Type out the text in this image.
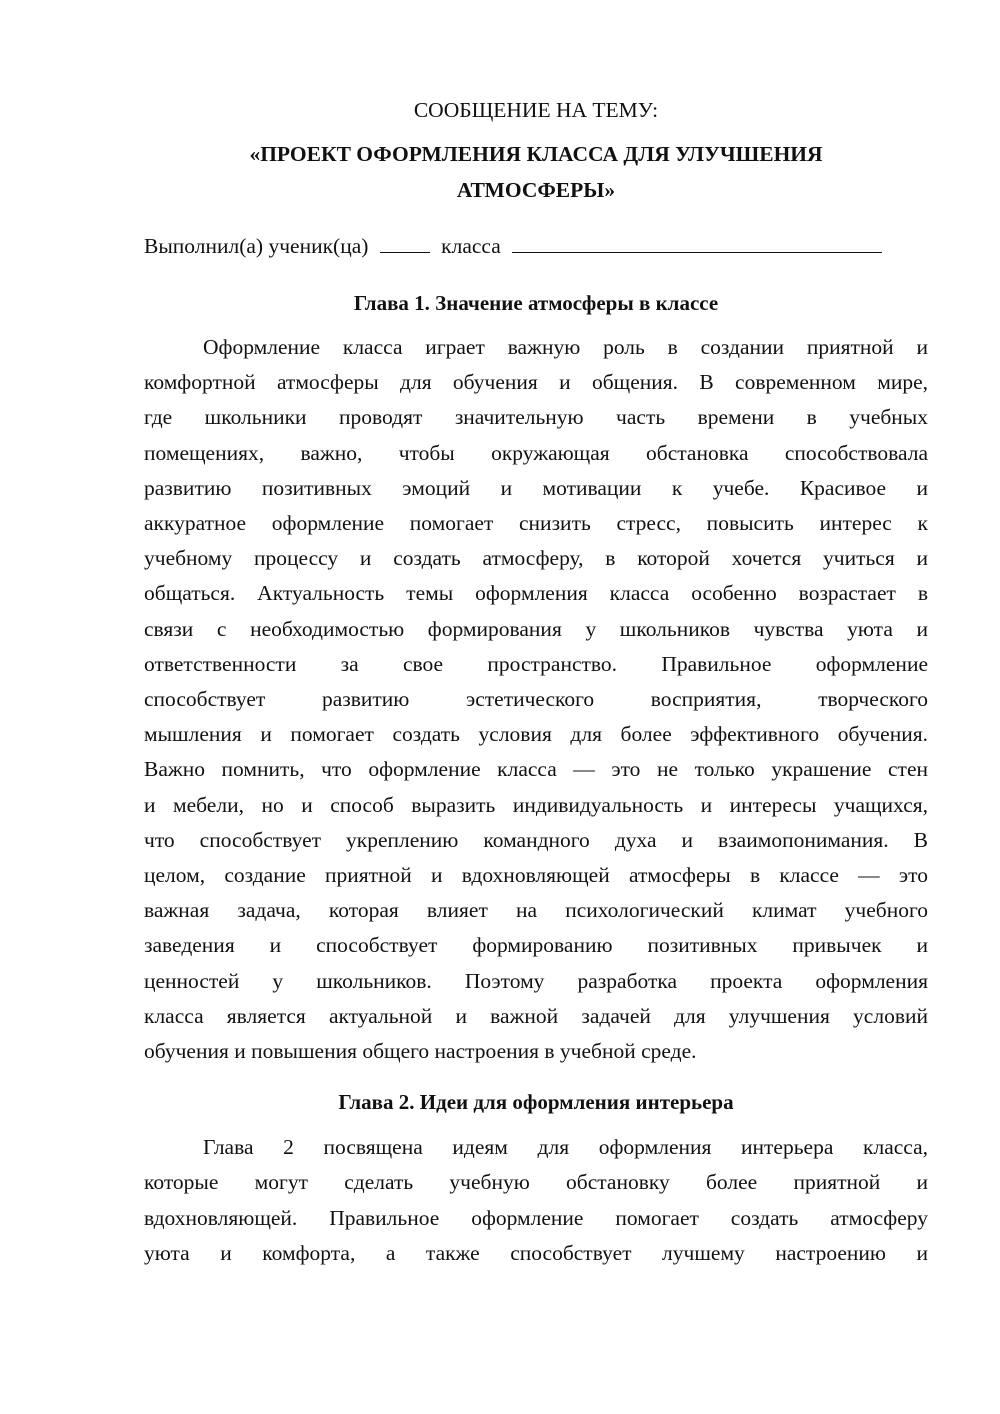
СООБЩЕНИЕ НА ТЕМУ:
«ПРОЕКТ ОФОРМЛЕНИЯ КЛАССА ДЛЯ УЛУЧШЕНИЯ
АТМОСФЕРЫ»
Выполнил(а) ученик(ца)	класса
Глава 1. Значение атмосферы в классе
Оформление класса играет важную роль в создании приятной и
комфортной атмосферы для обучения и общения. В современном мире,
где школьники проводят значительную часть времени в учебных
помещениях, важно, чтобы окружающая обстановка способствовала
развитию позитивных эмоций и мотивации к учебе. Красивое и
аккуратное оформление помогает снизить стресс, повысить интерес к
учебному процессу и создать атмосферу, в которой хочется учиться и
общаться. Актуальность темы оформления класса особенно возрастает в
связи с необходимостью формирования у школьников чувства уюта и
ответственности за свое пространство. Правильное оформление
способствует развитию эстетического восприятия, творческого
мышления и помогает создать условия для более эффективного обучения.
Важно помнить, что оформление класса — это не только украшение стен
и мебели, но и способ выразить индивидуальность и интересы учащихся,
что способствует укреплению командного духа и взаимопонимания. В
целом, создание приятной и вдохновляющей атмосферы в классе — это
важная задача, которая влияет на психологический климат учебного
заведения и способствует формированию позитивных привычек и
ценностей у школьников. Поэтому разработка проекта оформления
класса является актуальной и важной задачей для улучшения условий
обучения и повышения общего настроения в учебной среде.
Глава 2. Идеи для оформления интерьера
Глава 2 посвящена идеям для оформления интерьера класса,
которые могут сделать учебную обстановку более приятной и
вдохновляющей. Правильное оформление помогает создать атмосферу
уюта и комфорта, а также способствует лучшему настроению и
